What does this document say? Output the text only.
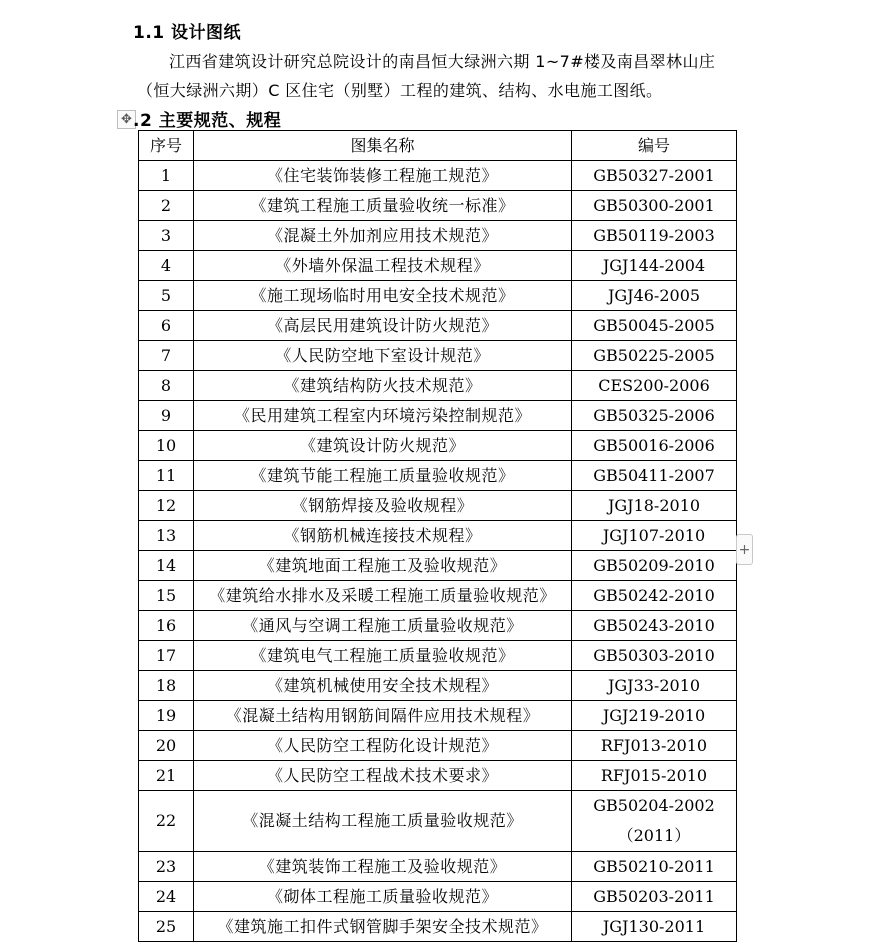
1.1 设计图纸
江西省建筑设计研究总院设计的南昌恒大绿洲六期 1~7#楼及南昌翠林山庄（恒大绿洲六期）C 区住宅（别墅）工程的建筑、结构、水电施工图纸。
✥ .2 主要规范、规程
序号	图集名称	编号
1	《住宅装饰装修工程施工规范》	GB50327-2001
2	《建筑工程施工质量验收统一标准》	GB50300-2001
3	《混凝土外加剂应用技术规范》	GB50119-2003
4	《外墙外保温工程技术规程》	JGJ144-2004
5	《施工现场临时用电安全技术规范》	JGJ46-2005
6	《高层民用建筑设计防火规范》	GB50045-2005
7	《人民防空地下室设计规范》	GB50225-2005
8	《建筑结构防火技术规范》	CES200-2006
9	《民用建筑工程室内环境污染控制规范》	GB50325-2006
10	《建筑设计防火规范》	GB50016-2006
11	《建筑节能工程施工质量验收规范》	GB50411-2007
12	《钢筋焊接及验收规程》	JGJ18-2010
13	《钢筋机械连接技术规程》	JGJ107-2010
14	《建筑地面工程施工及验收规范》	GB50209-2010
15	《建筑给水排水及采暖工程施工质量验收规范》	GB50242-2010
16	《通风与空调工程施工质量验收规范》	GB50243-2010
17	《建筑电气工程施工质量验收规范》	GB50303-2010
18	《建筑机械使用安全技术规程》	JGJ33-2010
19	《混凝土结构用钢筋间隔件应用技术规程》	JGJ219-2010
20	《人民防空工程防化设计规范》	RFJ013-2010
21	《人民防空工程战术技术要求》	RFJ015-2010
22	《混凝土结构工程施工质量验收规范》	GB50204-2002
（2011）

23	《建筑装饰工程施工及验收规范》	GB50210-2011
24	《砌体工程施工质量验收规范》	GB50203-2011
25	《建筑施工扣件式钢管脚手架安全技术规范》	JGJ130-2011
+
